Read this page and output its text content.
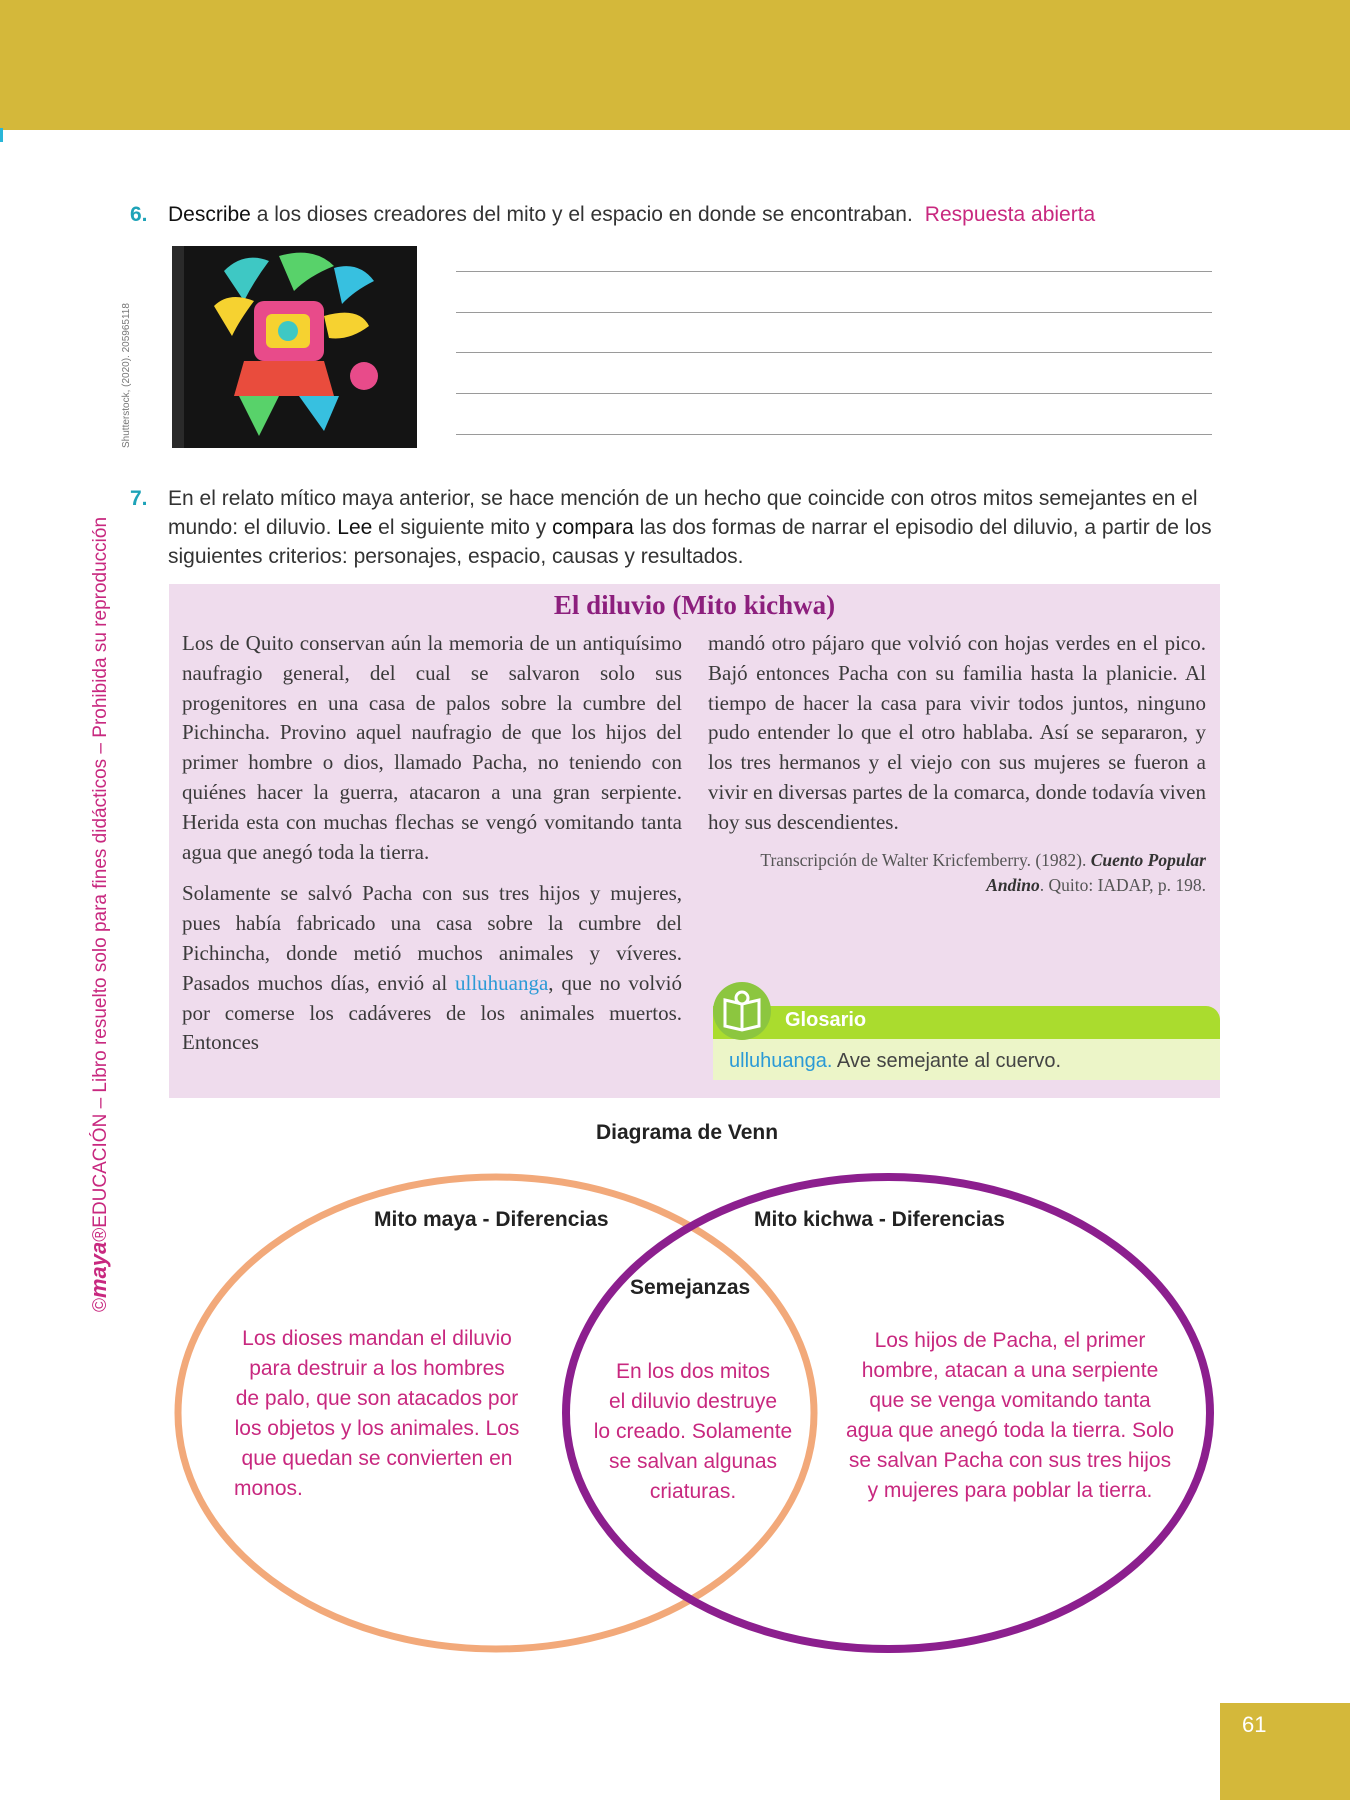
©maya®EDUCACIÓN – Libro resuelto solo para fines didácticos – Prohibida su reproducción
6. Describe a los dioses creadores del mito y el espacio en donde se encontraban. Respuesta abierta
Shutterstock, (2020). 205965118
7. En el relato mítico maya anterior, se hace mención de un hecho que coincide con otros mitos semejantes en el mundo: el diluvio. Lee el siguiente mito y compara las dos formas de narrar el episodio del diluvio, a partir de los siguientes criterios: personajes, espacio, causas y resultados.
El diluvio (Mito kichwa)

Los de Quito conservan aún la memoria de un antiquísimo naufragio general, del cual se salvaron solo sus progenitores en una casa de palos sobre la cumbre del Pichincha. Provino aquel naufragio de que los hijos del primer hombre o dios, llamado Pacha, no teniendo con quiénes hacer la guerra, atacaron a una gran serpiente. Herida esta con muchas flechas se vengó vomitando tanta agua que anegó toda la tierra.

Solamente se salvó Pacha con sus tres hijos y mujeres, pues había fabricado una casa sobre la cumbre del Pichincha, donde metió muchos animales y víveres. Pasados muchos días, envió al ulluhuanga, que no volvió por comerse los cadáveres de los animales muertos. Entonces

mandó otro pájaro que volvió con hojas verdes en el pico. Bajó entonces Pacha con su familia hasta la planicie. Al tiempo de hacer la casa para vivir todos juntos, ninguno pudo entender lo que el otro hablaba. Así se separaron, y los tres hermanos y el viejo con sus mujeres se fueron a vivir en diversas partes de la comarca, donde todavía viven hoy sus descendientes.

Transcripción de Walter Kricfemberry. (1982). Cuento Popular Andino. Quito: IADAP, p. 198.
Glosario
ulluhuanga. Ave semejante al cuervo.
Diagrama de Venn
Mito maya - Diferencias	Mito kichwa - Diferencias
Semejanzas
Los dioses mandan el diluvio
para destruir a los hombres
de palo, que son atacados por
los objetos y los animales. Los
que quedan se convierten en
monos.
En los dos mitos
el diluvio destruye
lo creado. Solamente
se salvan algunas
criaturas.
Los hijos de Pacha, el primer
hombre, atacan a una serpiente
que se venga vomitando tanta
agua que anegó toda la tierra. Solo
se salvan Pacha con sus tres hijos
y mujeres para poblar la tierra.
61
